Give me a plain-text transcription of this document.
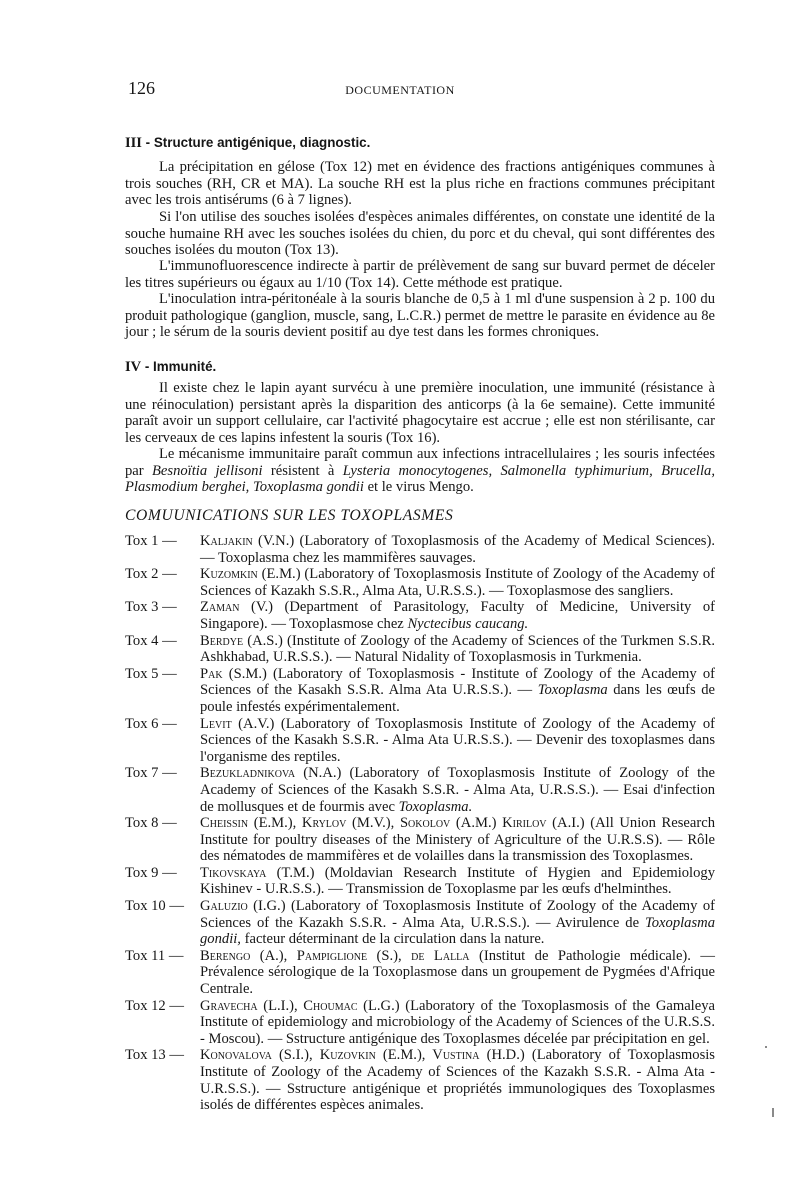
126	DOCUMENTATION
III - Structure antigénique, diagnostic.

La précipitation en gélose (Tox 12) met en évidence des fractions antigéniques communes à trois souches (RH, CR et MA). La souche RH est la plus riche en fractions communes précipitant avec les trois antisérums (6 à 7 lignes).

Si l'on utilise des souches isolées d'espèces animales différentes, on constate une identité de la souche humaine RH avec les souches isolées du chien, du porc et du cheval, qui sont différentes des souches isolées du mouton (Tox 13).

L'immunofluorescence indirecte à partir de prélèvement de sang sur buvard permet de déceler les titres supérieurs ou égaux au 1/10 (Tox 14). Cette méthode est pratique.

L'inoculation intra-péritonéale à la souris blanche de 0,5 à 1 ml d'une suspension à 2 p. 100 du produit pathologique (ganglion, muscle, sang, L.C.R.) permet de mettre le parasite en évidence au 8e jour ; le sérum de la souris devient positif au dye test dans les formes chroniques.

IV - Immunité.

Il existe chez le lapin ayant survécu à une première inoculation, une immunité (résistance à une réinoculation) persistant après la disparition des anticorps (à la 6e semaine). Cette immunité paraît avoir un support cellulaire, car l'activité phagocytaire est accrue ; elle est non stérilisante, car les cerveaux de ces lapins infestent la souris (Tox 16).

Le mécanisme immunitaire paraît commun aux infections intracellulaires ; les souris infectées par Besnoïtia jellisoni résistent à Lysteria monocytogenes, Salmonella typhimurium, Brucella, Plasmodium berghei, Toxoplasma gondii et le virus Mengo.

COMUUNICATIONS SUR LES TOXOPLASMES
Tox 1 —	Kaljakin (V.N.) (Laboratory of Toxoplasmosis of the Academy of Medical Sciences). — Toxoplasma chez les mammifères sauvages.
Tox 2 —	Kuzomkin (E.M.) (Laboratory of Toxoplasmosis Institute of Zoology of the Academy of Sciences of Kazakh S.S.R., Alma Ata, U.R.S.S.). — Toxoplasmose des sangliers.
Tox 3 —	Zaman (V.) (Department of Parasitology, Faculty of Medicine, University of Singapore). — Toxoplasmose chez Nyctecibus caucang.
Tox 4 —	Berdye (A.S.) (Institute of Zoology of the Academy of Sciences of the Turkmen S.S.R. Ashkhabad, U.R.S.S.). — Natural Nidality of Toxoplasmosis in Turkmenia.
Tox 5 —	Pak (S.M.) (Laboratory of Toxoplasmosis - Institute of Zoology of the Academy of Sciences of the Kasakh S.S.R. Alma Ata U.R.S.S.). — Toxoplasma dans les œufs de poule infestés expérimentalement.
Tox 6 —	Levit (A.V.) (Laboratory of Toxoplasmosis Institute of Zoology of the Academy of Sciences of the Kasakh S.S.R. - Alma Ata U.R.S.S.). — Devenir des toxoplasmes dans l'organisme des reptiles.
Tox 7 —	Bezukladnikova (N.A.) (Laboratory of Toxoplasmosis Institute of Zoology of the Academy of Sciences of the Kasakh S.S.R. - Alma Ata, U.R.S.S.). — Esai d'infection de mollusques et de fourmis avec Toxoplasma.
Tox 8 —	Cheissin (E.M.), Krylov (M.V.), Sokolov (A.M.) Kirilov (A.I.) (All Union Research Institute for poultry diseases of the Ministery of Agriculture of the U.R.S.S). — Rôle des nématodes de mammifères et de volailles dans la transmission des Toxoplasmes.
Tox 9 —	Tikovskaya (T.M.) (Moldavian Research Institute of Hygien and Epidemiology Kishinev - U.R.S.S.). — Transmission de Toxoplasme par les œufs d'helminthes.
Tox 10 —	Galuzio (I.G.) (Laboratory of Toxoplasmosis Institute of Zoology of the Academy of Sciences of the Kazakh S.S.R. - Alma Ata, U.R.S.S.). — Avirulence de Toxoplasma gondii, facteur déterminant de la circulation dans la nature.
Tox 11 —	Berengo (A.), Pampiglione (S.), de Lalla (Institut de Pathologie médicale). — Prévalence sérologique de la Toxoplasmose dans un groupement de Pygmées d'Afrique Centrale.
Tox 12 —	Gravecha (L.I.), Choumac (L.G.) (Laboratory of the Toxoplasmosis of the Gamaleya Institute of epidemiology and microbiology of the Academy of Sciences of the U.R.S.S. - Moscou). — Sstructure antigénique des Toxoplasmes décelée par précipitation en gel.
Tox 13 —	Konovalova (S.I.), Kuzovkin (E.M.), Vustina (H.D.) (Laboratory of Toxoplasmosis Institute of Zoology of the Academy of Sciences of the Kazakh S.S.R. - Alma Ata - U.R.S.S.). — Sstructure antigénique et propriétés immunologiques des Toxoplasmes isolés de différentes espèces animales.
